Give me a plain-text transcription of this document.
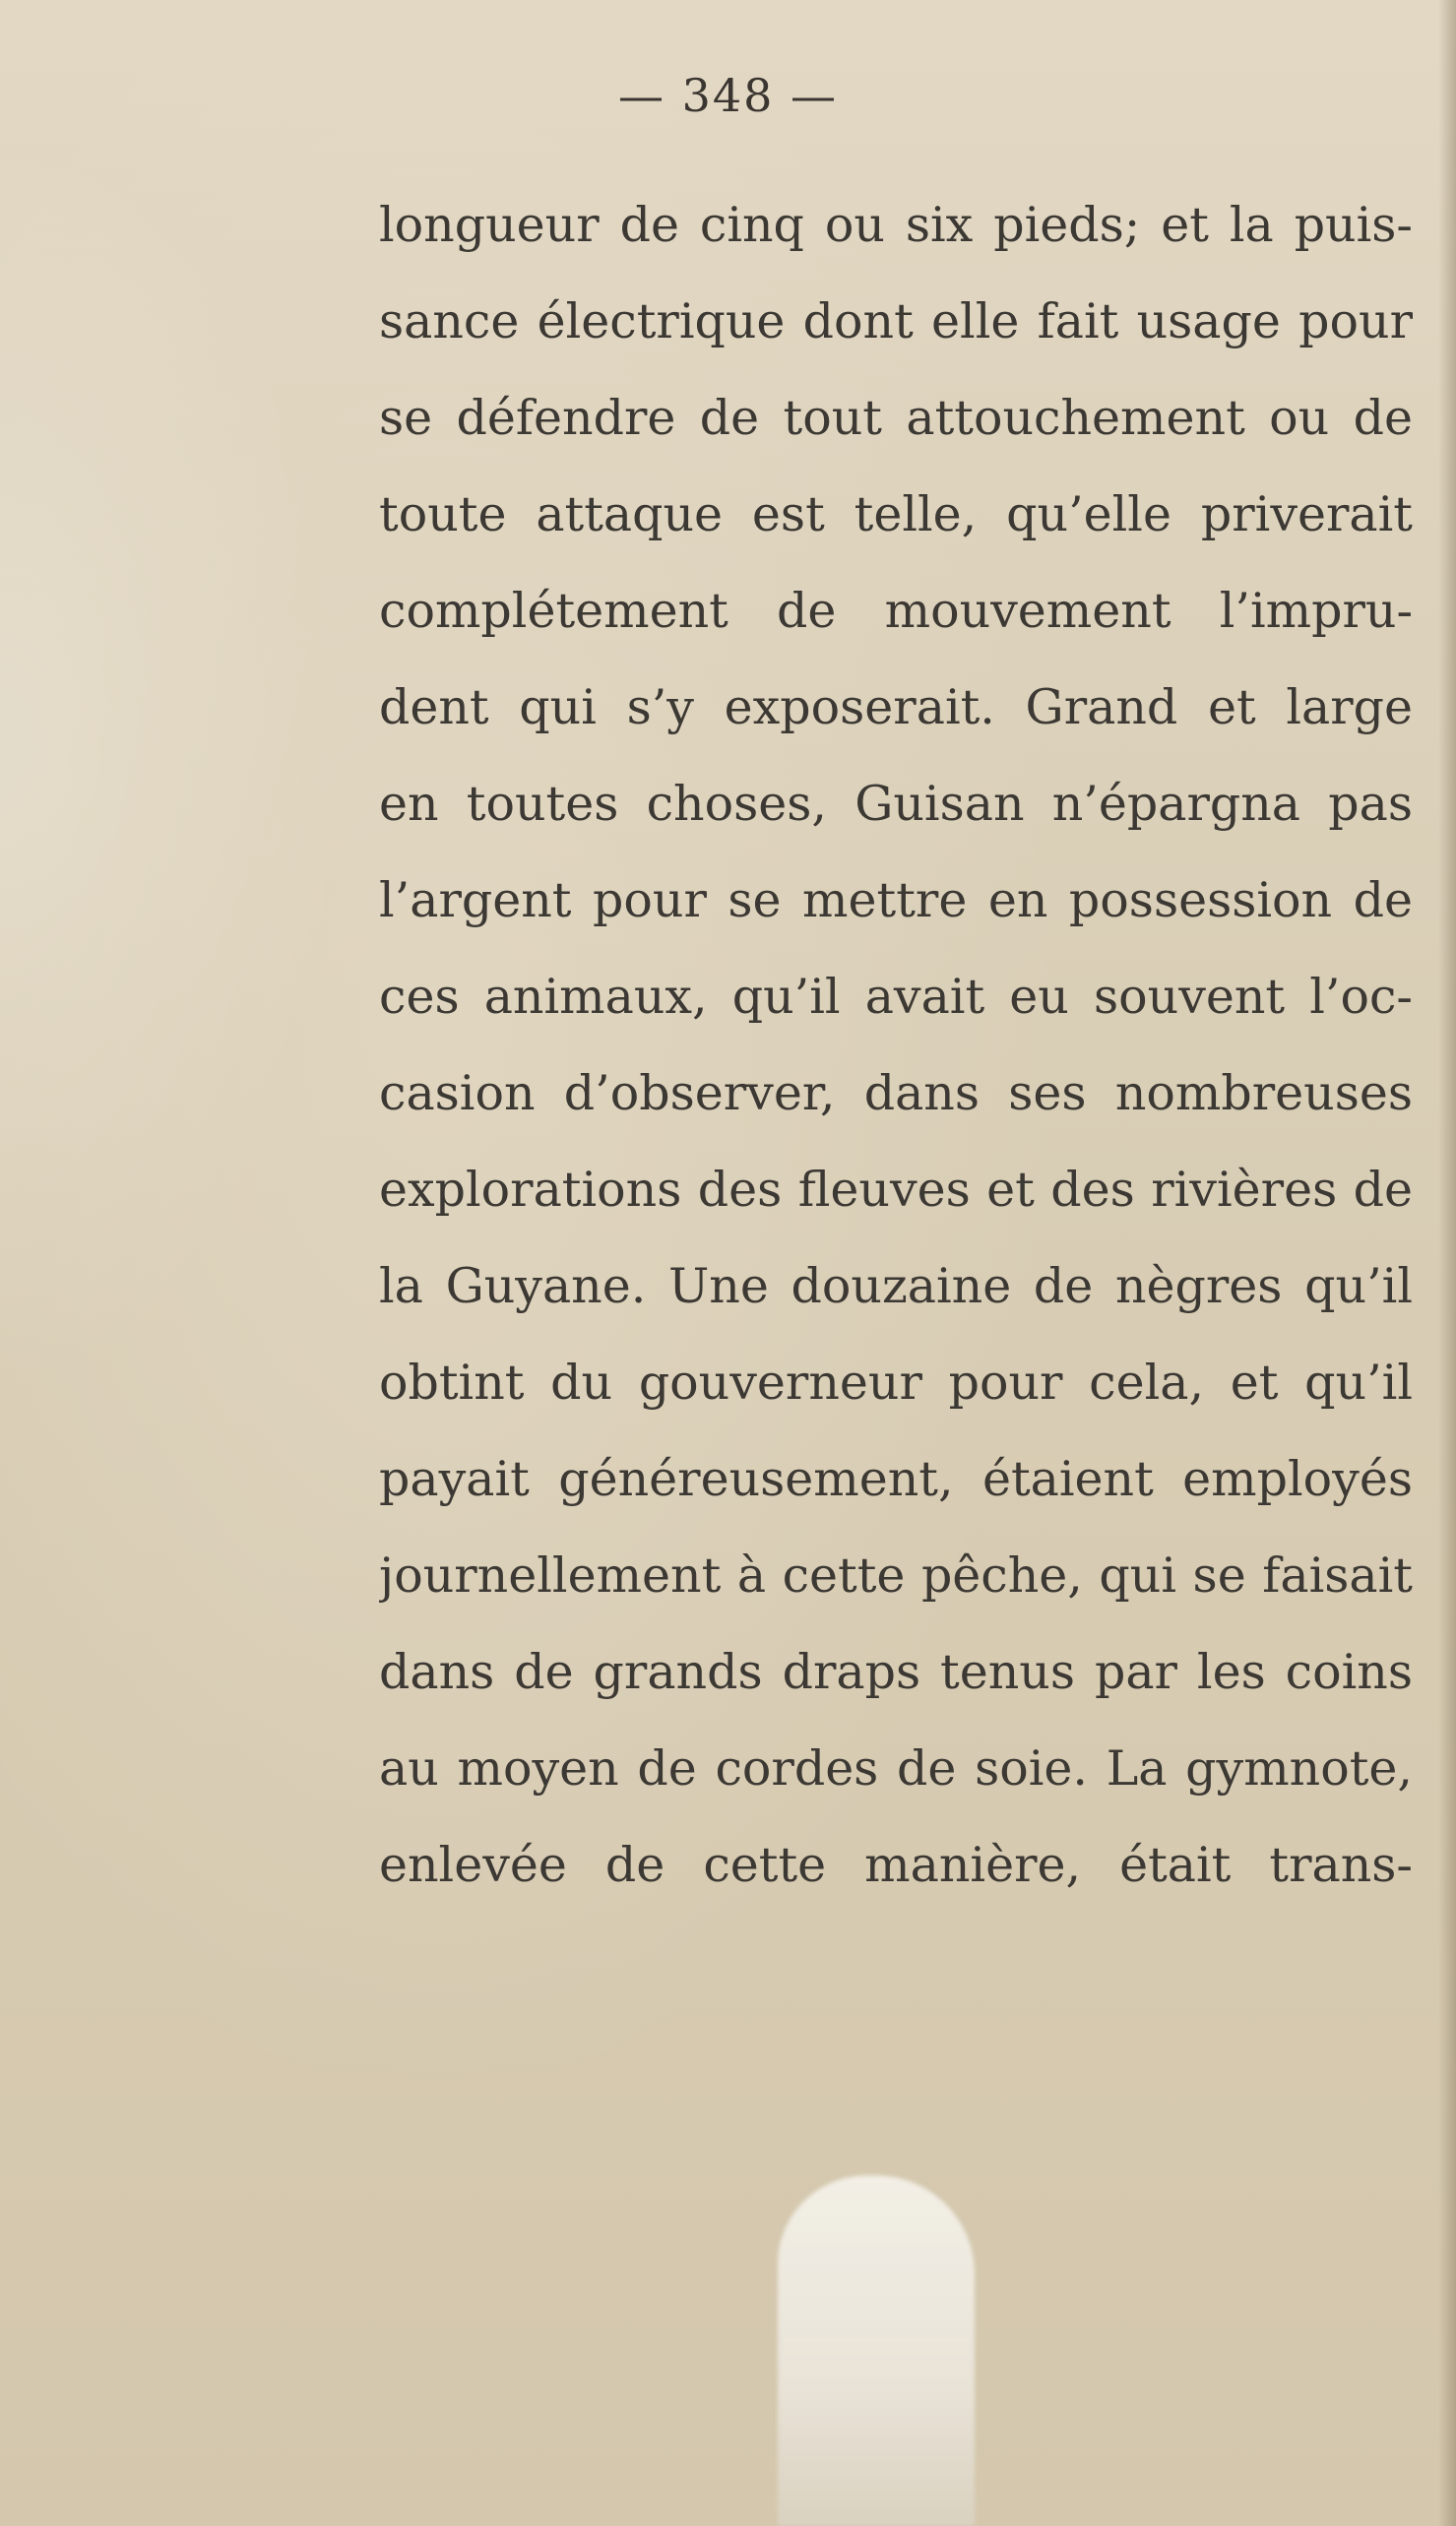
— 348 —
longueur de cinq ou six pieds; et la puis-
sance électrique dont elle fait usage pour
se défendre de tout attouchement ou de
toute attaque est telle, qu’elle priverait
complétement de mouvement l’impru-
dent qui s’y exposerait. Grand et large
en toutes choses, Guisan n’épargna pas
l’argent pour se mettre en possession de
ces animaux, qu’il avait eu souvent l’oc-
casion d’observer, dans ses nombreuses
explorations des fleuves et des rivières de
la Guyane. Une douzaine de nègres qu’il
obtint du gouverneur pour cela, et qu’il
payait généreusement, étaient employés
journellement à cette pêche, qui se faisait
dans de grands draps tenus par les coins
au moyen de cordes de soie. La gymnote,
enlevée de cette manière, était trans-
